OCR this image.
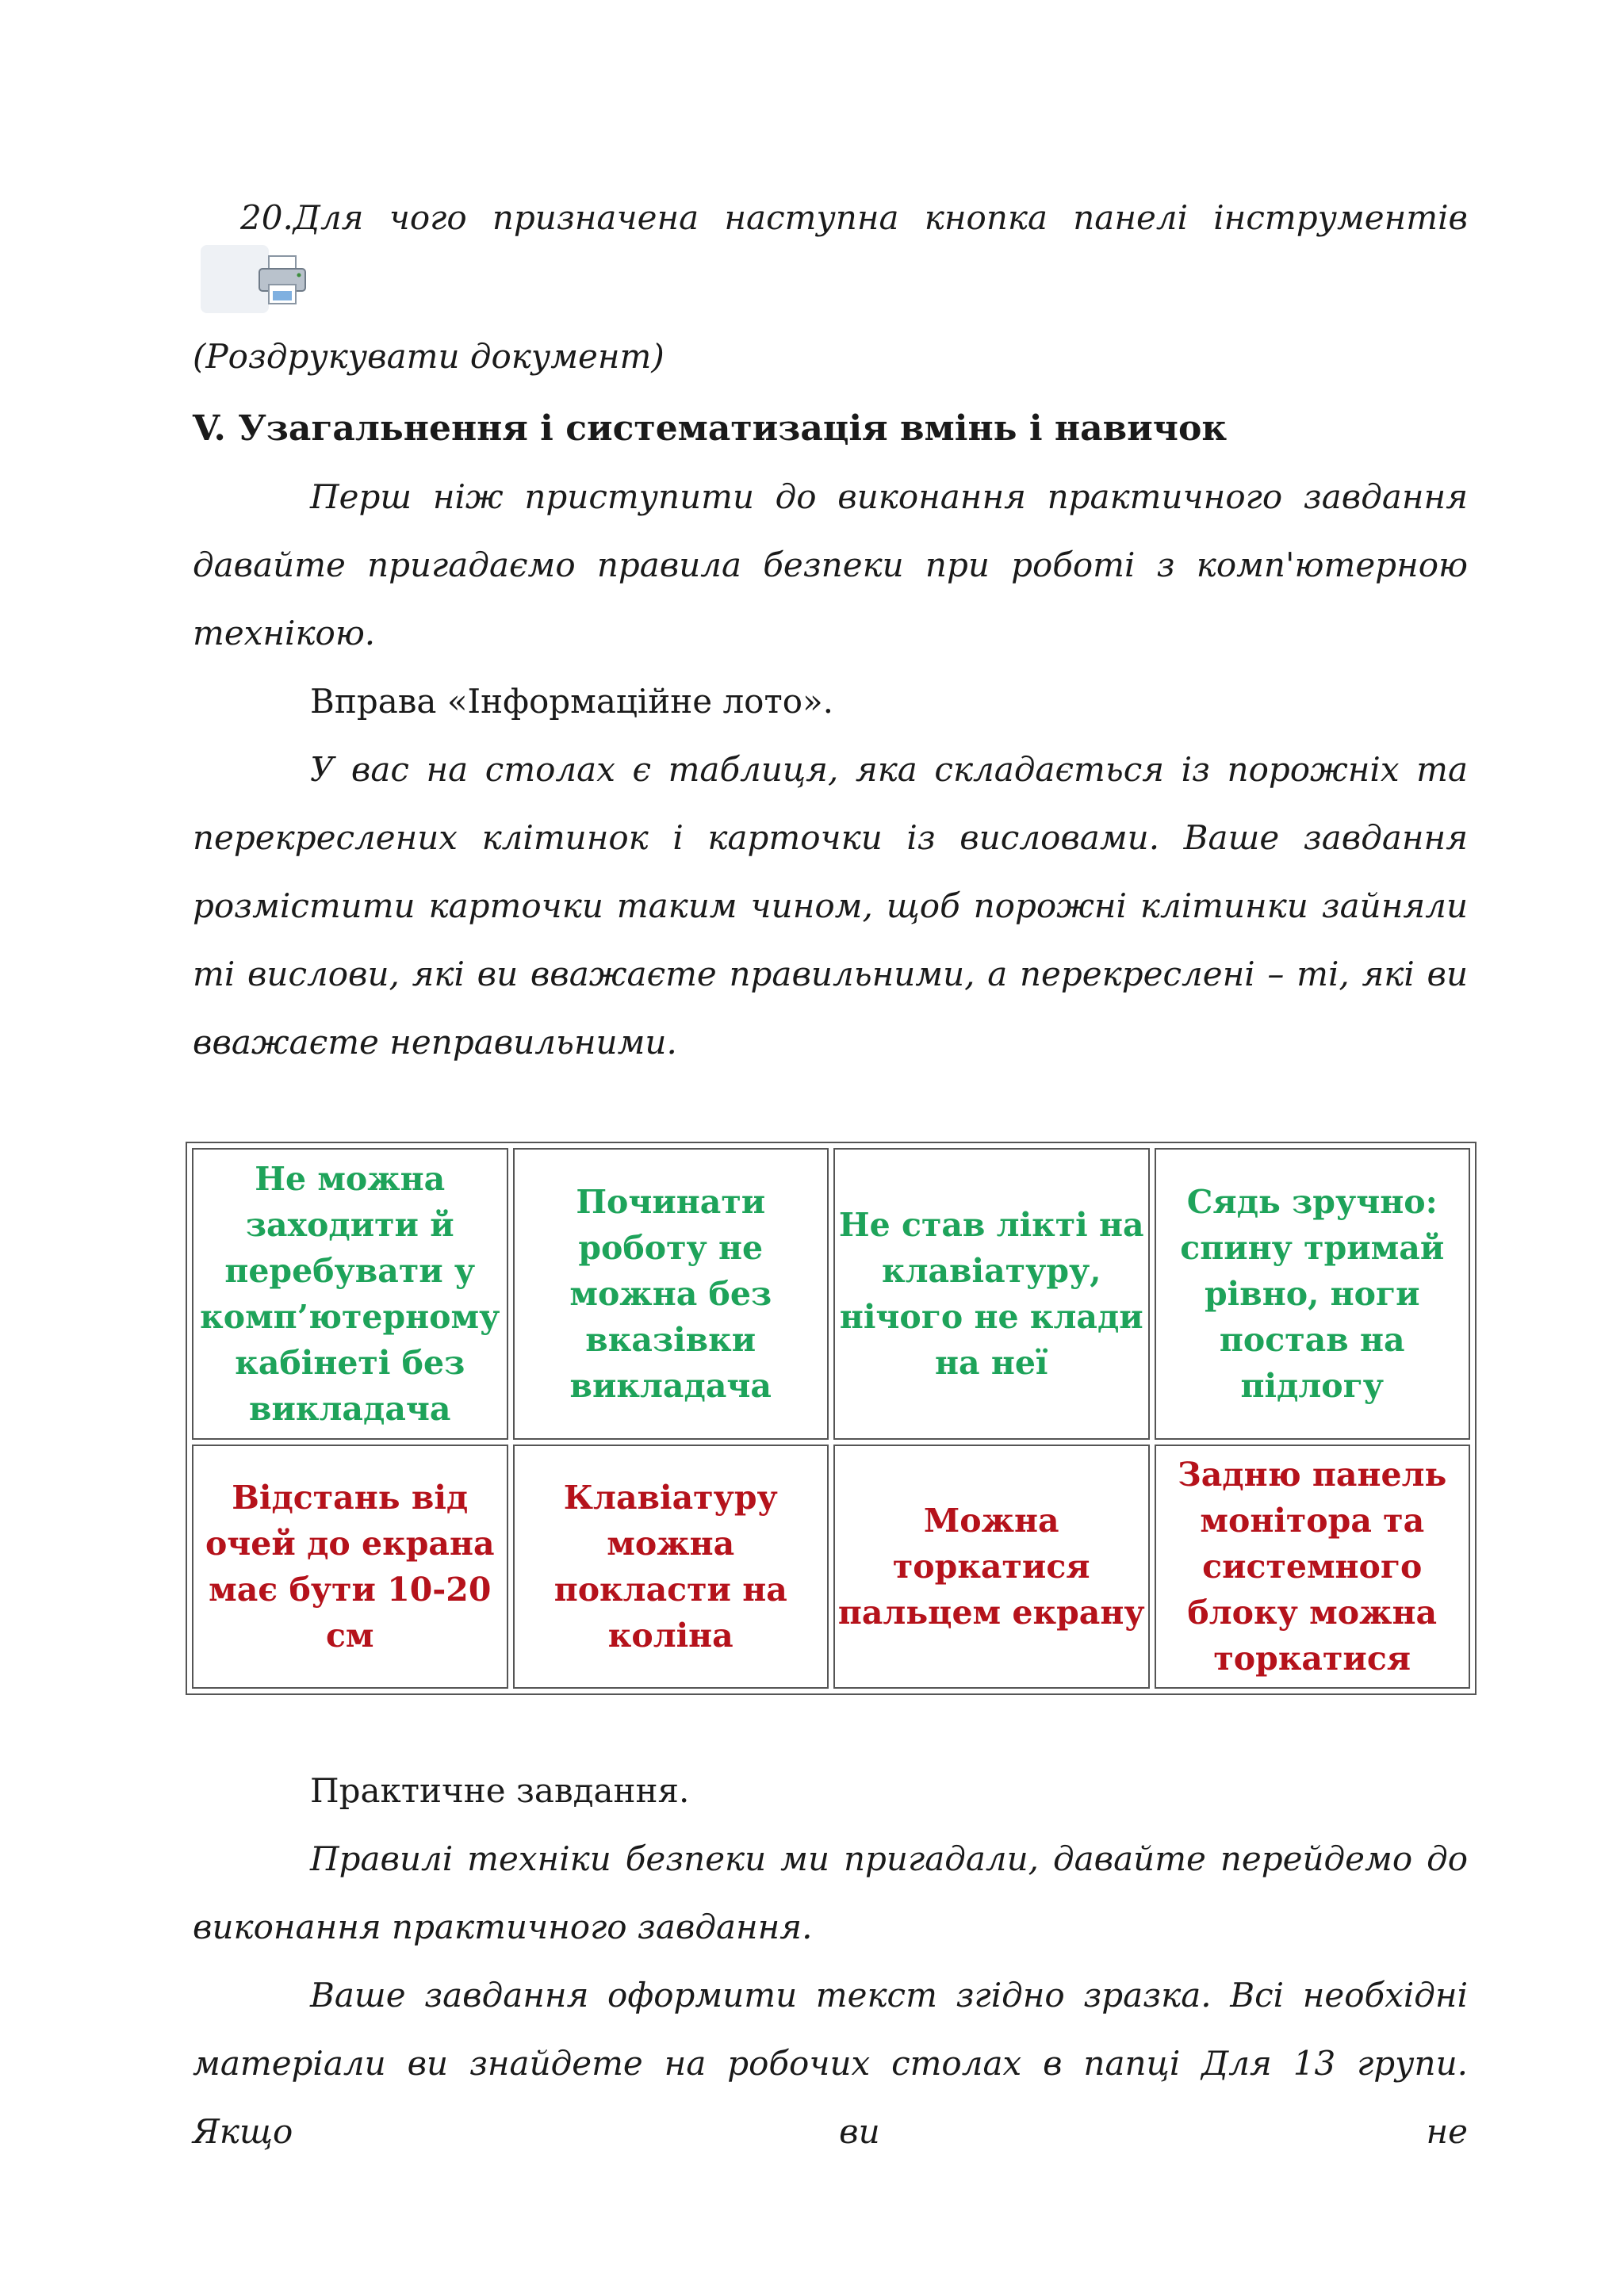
20.Для чого призначена наступна кнопка панелі інструментів

(Роздрукувати документ)

V. Узагальнення і систематизація вмінь і навичок

Перш ніж приступити до виконання практичного завдання давайте пригадаємо правила безпеки при роботі з комп'ютерною технікою.

Вправа «Інформаційне лото».

У вас на столах є таблиця, яка складається із порожніх та перекреслених клітинок і карточки із висловами. Ваше завдання розмістити карточки таким чином, щоб порожні клітинки зайняли ті вислови, які ви вважаєте правильними, а перекреслені – ті, які ви вважаєте неправильними.

Не можна заходити й перебувати у комп’ютерному кабінеті без викладача	Починати роботу не можна без вказівки викладача	Не став лікті на клавіатуру, нічого не клади на неї	Сядь зручно: спину тримай рівно, ноги постав на підлогу
Відстань від очей до екрана має бути 10-20 см	Клавіатуру можна покласти на коліна	Можна торкатися пальцем екрану	Задню панель монітора та системного блоку можна торкатися

Практичне завдання.

Правилі техніки безпеки ми пригадали, давайте перейдемо до виконання практичного завдання.

Ваше завдання оформити текст згідно зразка. Всі необхідні матеріали ви знайдете на робочих столах в папці Для 13 групи. Якщо ви не
